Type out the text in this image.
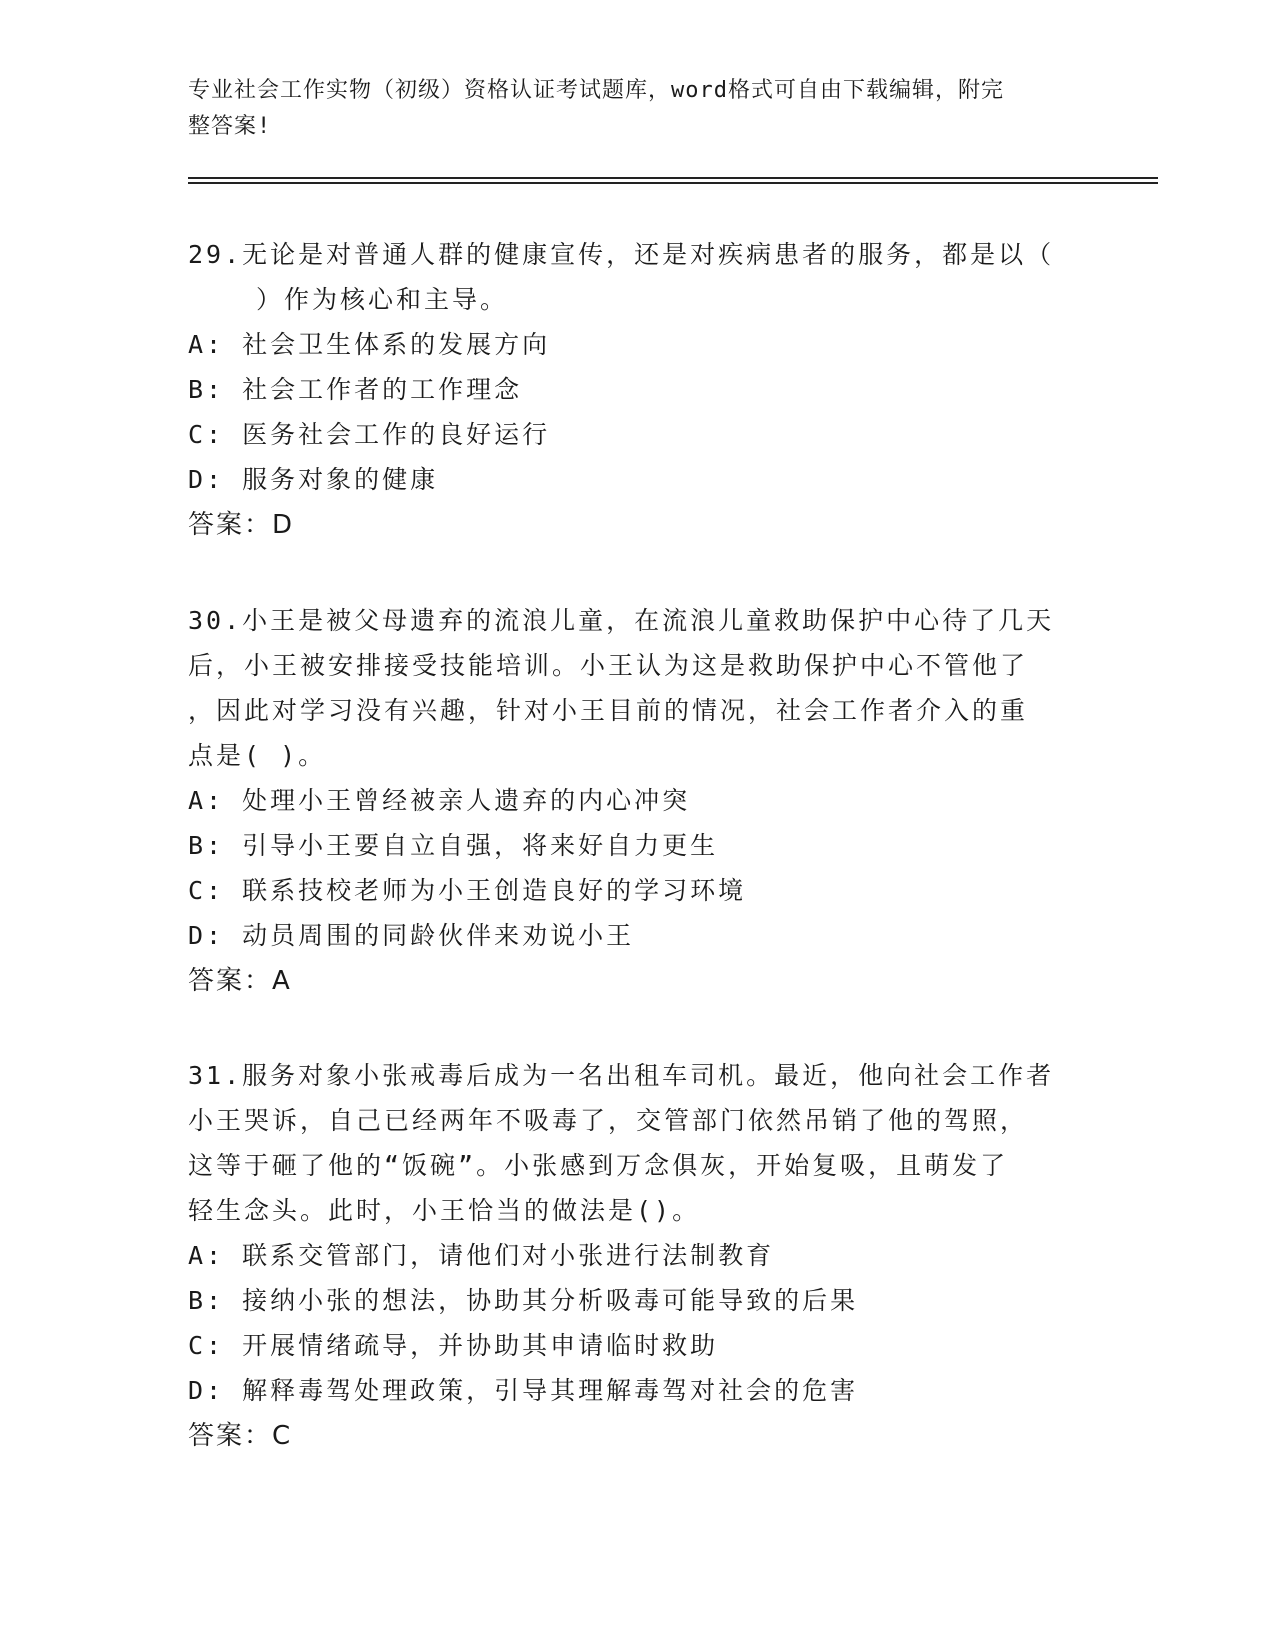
专业社会工作实物（初级）资格认证考试题库，word格式可自由下载编辑，附完
整答案!
29.无论是对普通人群的健康宣传，还是对疾病患者的服务，都是以（
）作为核心和主导。
A: 社会卫生体系的发展方向
B: 社会工作者的工作理念
C: 医务社会工作的良好运行
D: 服务对象的健康
答案：D
30.小王是被父母遗弃的流浪儿童，在流浪儿童救助保护中心待了几天
后，小王被安排接受技能培训。小王认为这是救助保护中心不管他了
，因此对学习没有兴趣，针对小王目前的情况，社会工作者介入的重
点是( )。
A: 处理小王曾经被亲人遗弃的内心冲突
B: 引导小王要自立自强，将来好自力更生
C: 联系技校老师为小王创造良好的学习环境
D: 动员周围的同龄伙伴来劝说小王
答案：A
31.服务对象小张戒毒后成为一名出租车司机。最近，他向社会工作者
小王哭诉，自己已经两年不吸毒了，交管部门依然吊销了他的驾照，
这等于砸了他的“饭碗”。小张感到万念俱灰，开始复吸，且萌发了
轻生念头。此时，小王恰当的做法是()。
A: 联系交管部门，请他们对小张进行法制教育
B: 接纳小张的想法，协助其分析吸毒可能导致的后果
C: 开展情绪疏导，并协助其申请临时救助
D: 解释毒驾处理政策，引导其理解毒驾对社会的危害
答案：C
